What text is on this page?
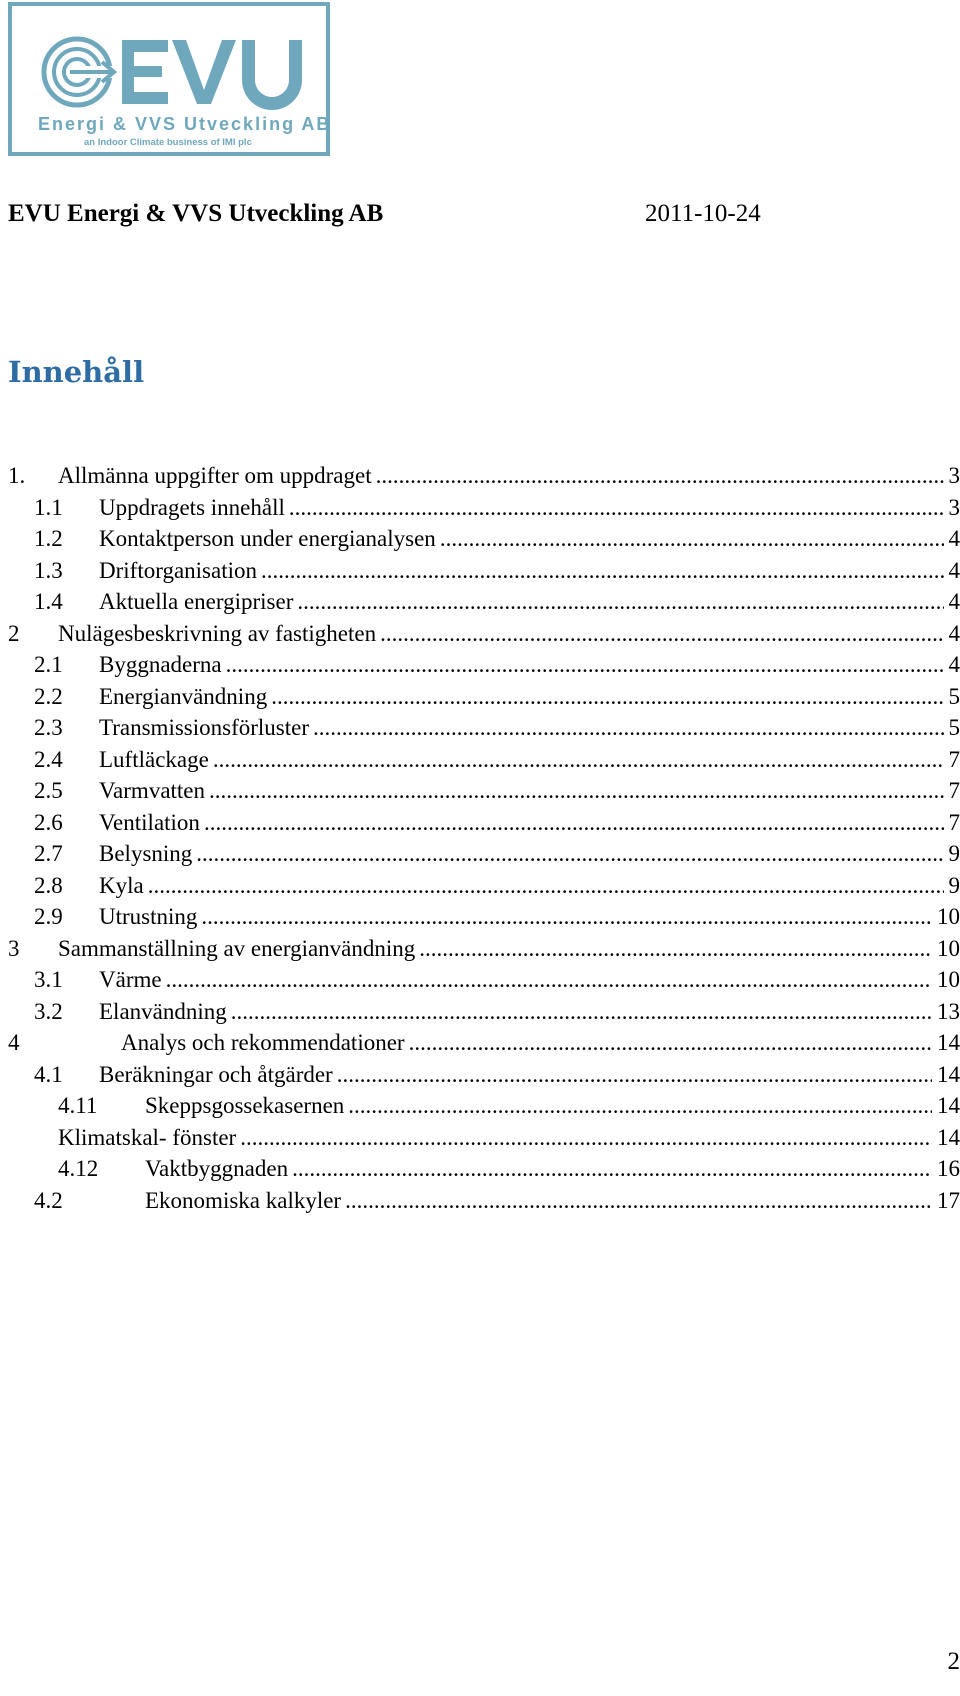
Energi & VVS Utveckling AB
an Indoor Climate business of IMI plc
EVU Energi & VVS Utveckling AB	2011-10-24
Innehåll
1. Allmänna uppgifter om uppdraget .....	3
1.1 Uppdragets innehåll .....	3
1.2 Kontaktperson under energianalysen .....	4
1.3 Driftorganisation .....	4
1.4 Aktuella energipriser .....	4
2 Nulägesbeskrivning av fastigheten .....	4
2.1 Byggnaderna .....	4
2.2 Energianvändning .....	5
2.3 Transmissionsförluster .....	5
2.4 Luftläckage .....	7
2.5 Varmvatten .....	7
2.6 Ventilation .....	7
2.7 Belysning .....	9
2.8 Kyla .....	9
2.9 Utrustning .....	10
3 Sammanställning av energianvändning .....	10
3.1 Värme .....	10
3.2 Elanvändning .....	13
4	Analys och rekommendationer .....	14
4.1 Beräkningar och åtgärder .....	14
4.11 Skeppsgossekasernen .....	14
Klimatskal- fönster .....	14
4.12 Vaktbyggnaden .....	16
4.2	Ekonomiska kalkyler .....	17
2
